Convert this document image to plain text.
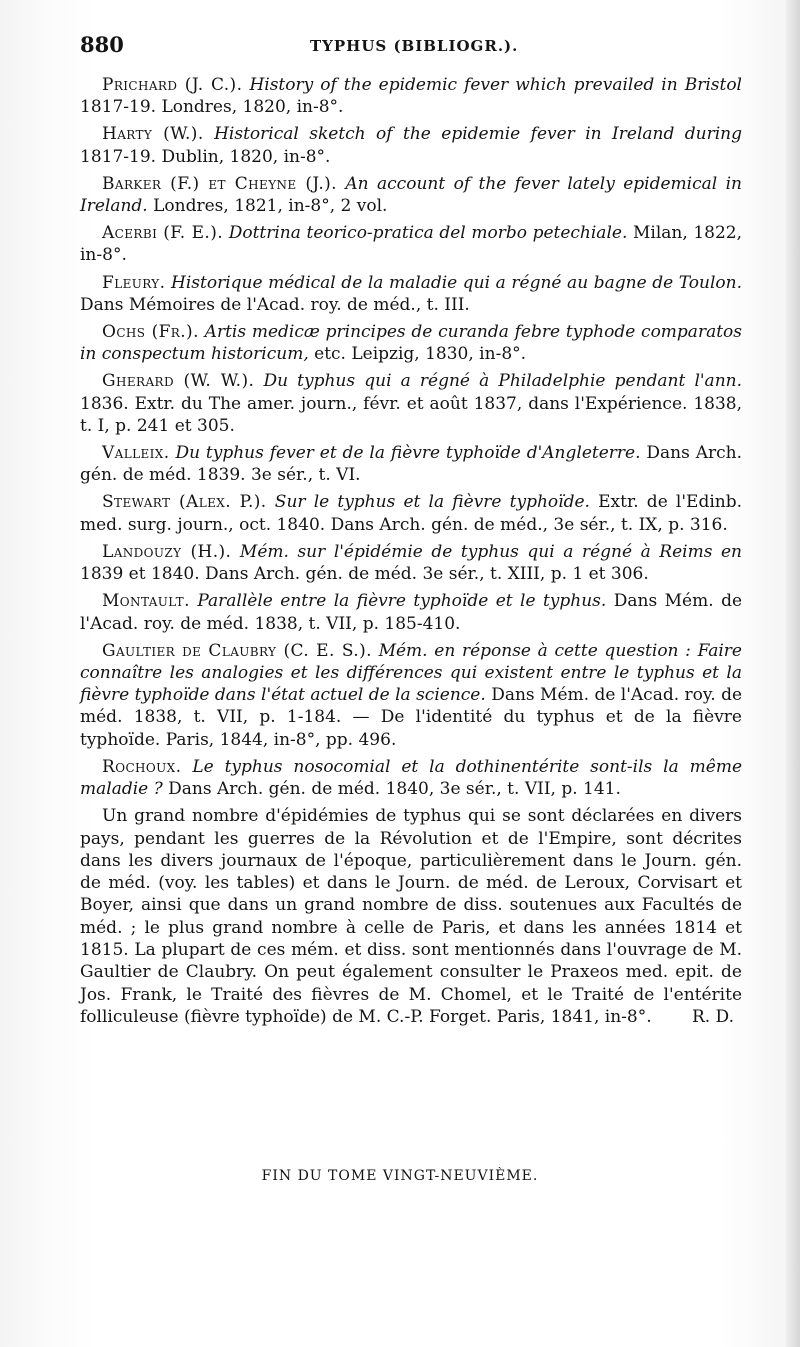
880	TYPHUS (BIBLIOGR.).

Prichard (J. C.). History of the epidemic fever which prevailed in Bristol 1817-19. Londres, 1820, in-8°.

Harty (W.). Historical sketch of the epidemie fever in Ireland during 1817-19. Dublin, 1820, in-8°.

Barker (F.) et Cheyne (J.). An account of the fever lately epidemical in Ireland. Londres, 1821, in-8°, 2 vol.

Acerbi (F. E.). Dottrina teorico-pratica del morbo petechiale. Milan, 1822, in-8°.

Fleury. Historique médical de la maladie qui a régné au bagne de Toulon. Dans Mémoires de l'Acad. roy. de méd., t. III.

Ochs (Fr.). Artis medicæ principes de curanda febre typhode comparatos in conspectum historicum, etc. Leipzig, 1830, in-8°.

Gherard (W. W.). Du typhus qui a régné à Philadelphie pendant l'ann. 1836. Extr. du The amer. journ., févr. et août 1837, dans l'Expérience. 1838, t. I, p. 241 et 305.

Valleix. Du typhus fever et de la fièvre typhoïde d'Angleterre. Dans Arch. gén. de méd. 1839. 3e sér., t. VI.

Stewart (Alex. P.). Sur le typhus et la fièvre typhoïde. Extr. de l'Edinb. med. surg. journ., oct. 1840. Dans Arch. gén. de méd., 3e sér., t. IX, p. 316.

Landouzy (H.). Mém. sur l'épidémie de typhus qui a régné à Reims en 1839 et 1840. Dans Arch. gén. de méd. 3e sér., t. XIII, p. 1 et 306.

Montault. Parallèle entre la fièvre typhoïde et le typhus. Dans Mém. de l'Acad. roy. de méd. 1838, t. VII, p. 185-410.

Gaultier de Claubry (C. E. S.). Mém. en réponse à cette question : Faire connaître les analogies et les différences qui existent entre le typhus et la fièvre typhoïde dans l'état actuel de la science. Dans Mém. de l'Acad. roy. de méd. 1838, t. VII, p. 1-184. — De l'identité du typhus et de la fièvre typhoïde. Paris, 1844, in-8°, pp. 496.

Rochoux. Le typhus nosocomial et la dothinentérite sont-ils la même maladie ? Dans Arch. gén. de méd. 1840, 3e sér., t. VII, p. 141.

Un grand nombre d'épidémies de typhus qui se sont déclarées en divers pays, pendant les guerres de la Révolution et de l'Empire, sont décrites dans les divers journaux de l'époque, particulièrement dans le Journ. gén. de méd. (voy. les tables) et dans le Journ. de méd. de Leroux, Corvisart et Boyer, ainsi que dans un grand nombre de diss. soutenues aux Facultés de méd. ; le plus grand nombre à celle de Paris, et dans les années 1814 et 1815. La plupart de ces mém. et diss. sont mentionnés dans l'ouvrage de M. Gaultier de Claubry. On peut également consulter le Praxeos med. epit. de Jos. Frank, le Traité des fièvres de M. Chomel, et le Traité de l'entérite folliculeuse (fièvre typhoïde) de M. C.-P. Forget. Paris, 1841, in-8°.	R. D.

FIN DU TOME VINGT-NEUVIÈME.
